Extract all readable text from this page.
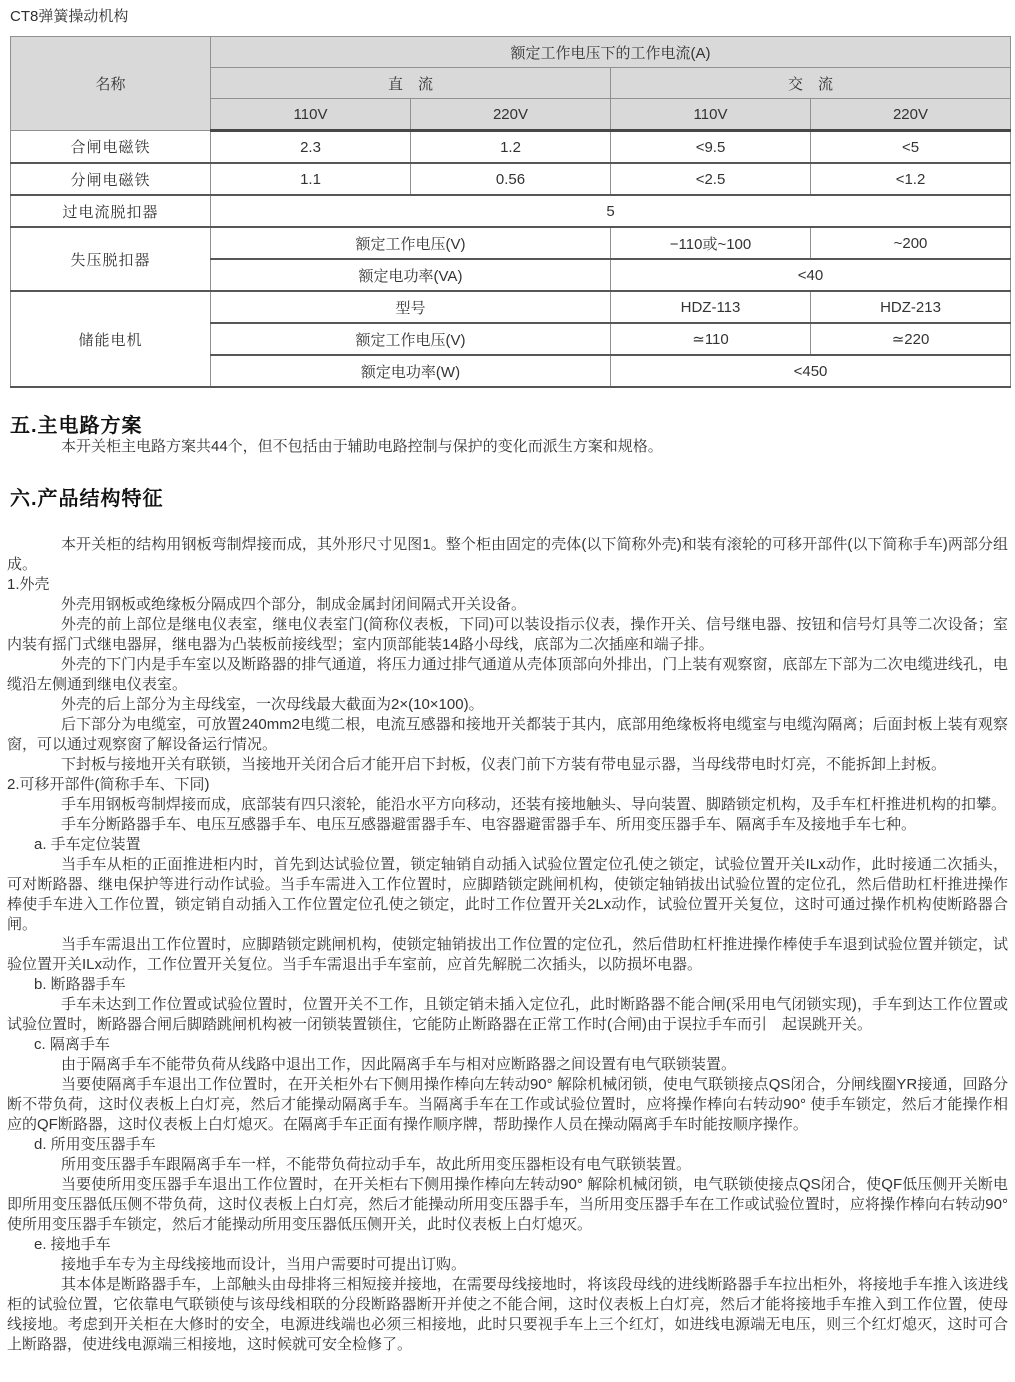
CT8弹簧操动机构

名称	额定工作电压下的工作电流(A)			
	直　流		交　流	
	110V	220V	110V	220V
合闸电磁铁	2.3	1.2	<9.5	<5
分闸电磁铁	1.1	0.56	<2.5	<1.2
过电流脱扣器	5			
失压脱扣器	额定工作电压(V)		−110或~100	~200
	额定电功率(VA)		<40	
储能电机	型号		HDZ-113	HDZ-213
	额定工作电压(V)		≃110	≃220
	额定电功率(W)		<450	
五.主电路方案

本开关柜主电路方案共44个，但不包括由于辅助电路控制与保护的变化而派生方案和规格。

六.产品结构特征

本开关柜的结构用钢板弯制焊接而成，其外形尺寸见图1。整个柜由固定的壳体(以下简称外壳)和装有滚轮的可移开部件(以下简称手车)两部分组成。

1.外壳

外壳用钢板或绝缘板分隔成四个部分，制成金属封闭间隔式开关设备。

外壳的前上部位是继电仪表室，继电仪表室门(简称仪表板，下同)可以装设指示仪表，操作开关、信号继电器、按钮和信号灯具等二次设备；室内装有摇门式继电器屏，继电器为凸装板前接线型；室内顶部能装14路小母线，底部为二次插座和端子排。

外壳的下门内是手车室以及断路器的排气通道，将压力通过排气通道从壳体顶部向外排出，门上装有观察窗，底部左下部为二次电缆进线孔，电缆沿左侧通到继电仪表室。

外壳的后上部分为主母线室，一次母线最大截面为2×(10×100)。

后下部分为电缆室，可放置240mm2电缆二根，电流互感器和接地开关都装于其内，底部用绝缘板将电缆室与电缆沟隔离；后面封板上装有观察窗，可以通过观察窗了解设备运行情况。

下封板与接地开关有联锁，当接地开关闭合后才能开启下封板，仪表门前下方装有带电显示器，当母线带电时灯亮，不能拆卸上封板。

2.可移开部件(简称手车、下同)

手车用钢板弯制焊接而成，底部装有四只滚轮，能沿水平方向移动，还装有接地触头、导向装置、脚踏锁定机构，及手车杠杆推进机构的扣攀。

手车分断路器手车、电压互感器手车、电压互感器避雷器手车、电容器避雷器手车、所用变压器手车、隔离手车及接地手车七种。

a. 手车定位装置

当手车从柜的正面推进柜内时，首先到达试验位置，锁定轴销自动插入试验位置定位孔使之锁定，试验位置开关ILx动作，此时接通二次插头，可对断路器、继电保护等进行动作试验。当手车需进入工作位置时，应脚踏锁定跳闸机构，使锁定轴销拔出试验位置的定位孔，然后借助杠杆推进操作棒使手车进入工作位置，锁定销自动插入工作位置定位孔使之锁定，此时工作位置开关2Lx动作，试验位置开关复位，这时可通过操作机构使断路器合闸。

当手车需退出工作位置时，应脚踏锁定跳闸机构，使锁定轴销拔出工作位置的定位孔，然后借助杠杆推进操作棒使手车退到试验位置并锁定，试验位置开关ILx动作，工作位置开关复位。当手车需退出手车室前，应首先解脱二次插头，以防损坏电器。

b. 断路器手车

手车未达到工作位置或试验位置时，位置开关不工作，且锁定销未插入定位孔，此时断路器不能合闸(采用电气闭锁实现)，手车到达工作位置或试验位置时，断路器合闸后脚踏跳闸机构被一闭锁装置锁住，它能防止断路器在正常工作时(合闸)由于误拉手车而引　起误跳开关。

c. 隔离手车

由于隔离手车不能带负荷从线路中退出工作，因此隔离手车与相对应断路器之间设置有电气联锁装置。

当要使隔离手车退出工作位置时，在开关柜外右下侧用操作棒向左转动90° 解除机械闭锁，使电气联锁接点QS闭合，分闸线圈YR接通，回路分断不带负荷，这时仪表板上白灯亮，然后才能操动隔离手车。当隔离手车在工作或试验位置时，应将操作棒向右转动90° 使手车锁定，然后才能操作相应的QF断路器，这时仪表板上白灯熄灭。在隔离手车正面有操作顺序牌，帮助操作人员在操动隔离手车时能按顺序操作。

d. 所用变压器手车

所用变压器手车跟隔离手车一样，不能带负荷拉动手车，故此所用变压器柜设有电气联锁装置。

当要使所用变压器手车退出工作位置时，在开关柜右下侧用操作棒向左转动90° 解除机械闭锁，电气联锁使接点QS闭合，使QF低压侧开关断电即所用变压器低压侧不带负荷，这时仪表板上白灯亮，然后才能操动所用变压器手车，当所用变压器手车在工作或试验位置时，应将操作棒向右转动90° 使所用变压器手车锁定，然后才能操动所用变压器低压侧开关，此时仪表板上白灯熄灭。

e. 接地手车

接地手车专为主母线接地而设计，当用户需要时可提出订购。

其本体是断路器手车，上部触头由母排将三相短接并接地，在需要母线接地时，将该段母线的进线断路器手车拉出柜外，将接地手车推入该进线柜的试验位置，它依靠电气联锁使与该母线相联的分段断路器断开并使之不能合闸，这时仪表板上白灯亮，然后才能将接地手车推入到工作位置，使母线接地。考虑到开关柜在大修时的安全，电源进线端也必须三相接地，此时只要视手车上三个红灯，如进线电源端无电压，则三个红灯熄灭，这时可合上断路器，使进线电源端三相接地，这时候就可安全检修了。
